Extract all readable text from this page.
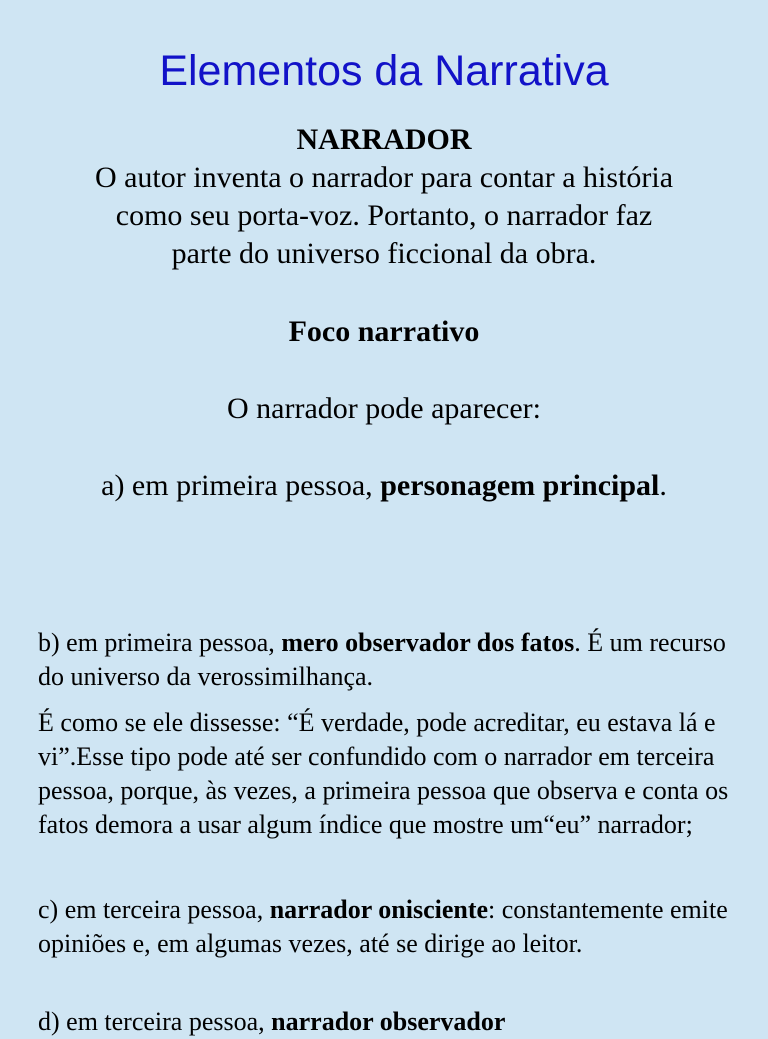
Elementos da Narrativa
NARRADOR
O autor inventa o narrador para contar a história
como seu porta-voz. Portanto, o narrador faz
parte do universo ficcional da obra.
Foco narrativo
O narrador pode aparecer:
a) em primeira pessoa, personagem principal.
b) em primeira pessoa, mero observador dos fatos. É um recurso do universo da verossimilhança.
É como se ele dissesse: “É verdade, pode acreditar, eu estava lá e vi”.Esse tipo pode até ser confundido com o narrador em terceira pessoa, porque, às vezes, a primeira pessoa que observa e conta os fatos demora a usar algum índice que mostre um“eu” narrador;
c) em terceira pessoa, narrador onisciente: constantemente emite opiniões e, em algumas vezes, até se dirige ao leitor.
d) em terceira pessoa, narrador observador
